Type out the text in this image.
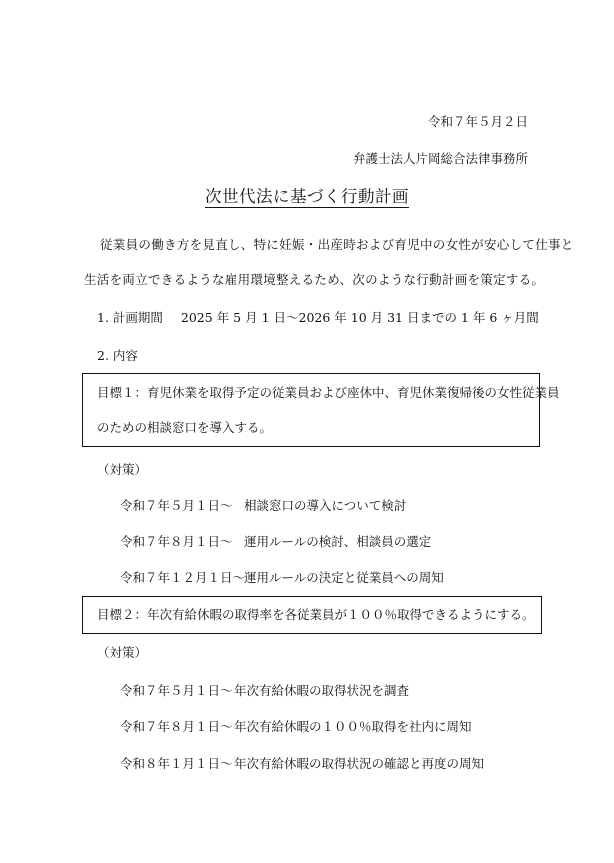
令和７年５月２日
弁護士法人片岡総合法律事務所
次世代法に基づく行動計画
従業員の働き方を見直し、特に妊娠・出産時および育児中の女性が安心して仕事と
生活を両立できるような雇用環境整えるため、次のような行動計画を策定する。
1. 計画期間 2025 年 5 月 1 日～2026 年 10 月 31 日までの 1 年 6 ヶ月間
2. 内容
目標１：育児休業を取得予定の従業員および座休中、育児休業復帰後の女性従業員
のための相談窓口を導入する。
（対策）
令和７年５月１日～ 相談窓口の導入について検討
令和７年８月１日～ 運用ルールの検討、相談員の選定
令和７年１２月１日～
運用ルールの決定と従業員への周知
目標２：年次有給休暇の取得率を各従業員が１００％取得できるようにする。
（対策）
令和７年５月１日～ 年次有給休暇の取得状況を調査
令和７年８月１日～ 年次有給休暇の１００％取得を社内に周知
令和８年１月１日～ 年次有給休暇の取得状況の確認と再度の周知
